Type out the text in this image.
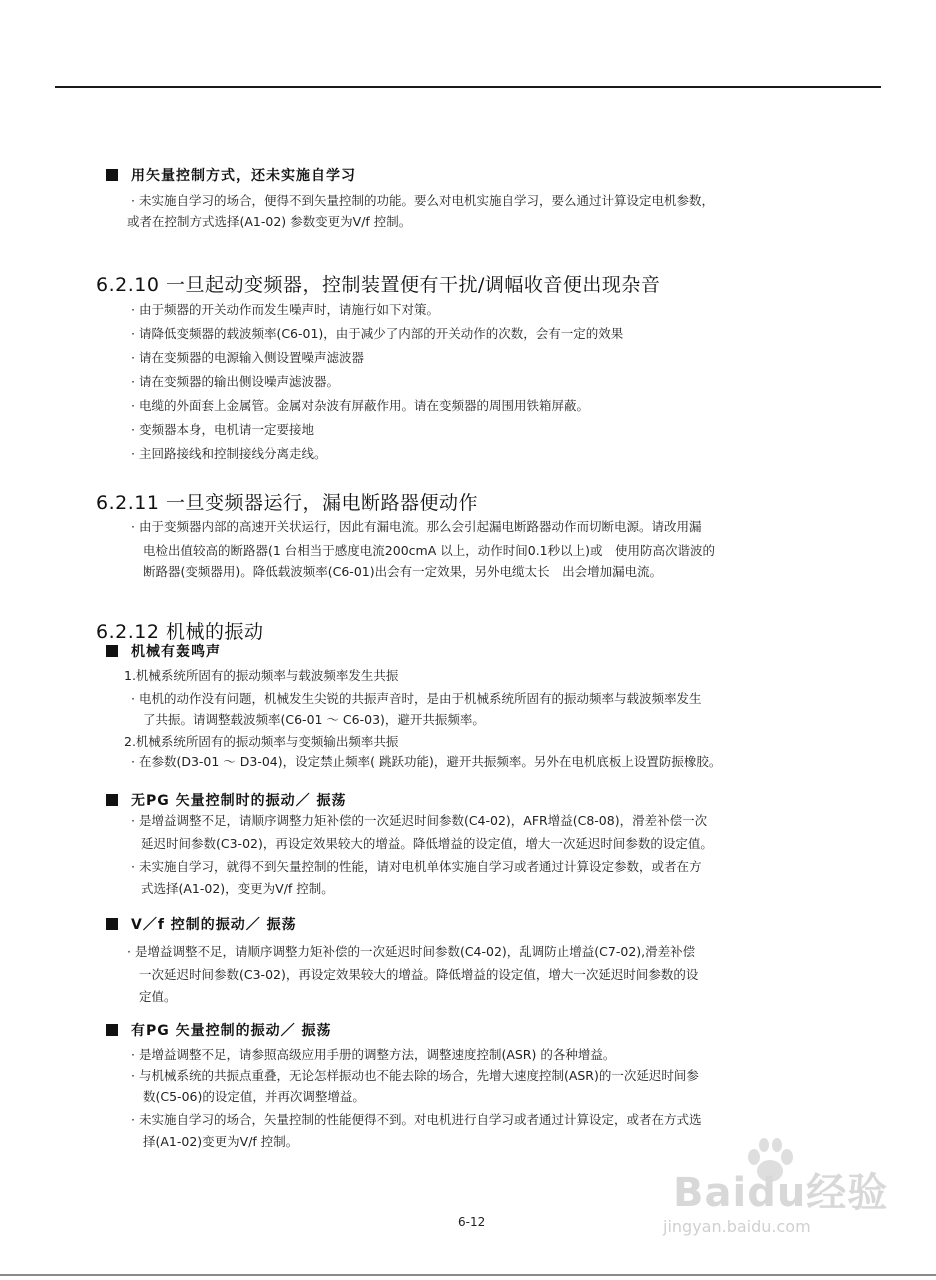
用矢量控制方式，还未实施自学习
· 未实施自学习的场合，便得不到矢量控制的功能。要么对电机实施自学习，要么通过计算设定电机参数，
或者在控制方式选择(A1-02) 参数变更为V/f 控制。
6.2.10 一旦起动变频器，控制装置便有干扰/调幅收音便出现杂音
· 由于频器的开关动作而发生噪声时，请施行如下对策。
· 请降低变频器的载波频率(C6-01)，由于减少了内部的开关动作的次数，会有一定的效果
· 请在变频器的电源输入侧设置噪声滤波器
· 请在变频器的输出侧设噪声滤波器。
· 电缆的外面套上金属管。金属对杂波有屏蔽作用。请在变频器的周围用铁箱屏蔽。
· 变频器本身，电机请一定要接地
· 主回路接线和控制接线分离走线。
6.2.11 一旦变频器运行，漏电断路器便动作
· 由于变频器内部的高速开关状运行，因此有漏电流。那么会引起漏电断路器动作而切断电源。请改用漏
电检出值较高的断路器(1 台相当于感度电流200cmA 以上，动作时间0.1秒以上)或　使用防高次谐波的
断路器(变频器用)。降低载波频率(C6-01)出会有一定效果，另外电缆太长　出会增加漏电流。
6.2.12 机械的振动
机械有轰鸣声
1.机械系统所固有的振动频率与载波频率发生共振
· 电机的动作没有问题，机械发生尖锐的共振声音时，是由于机械系统所固有的振动频率与载波频率发生
了共振。请调整载波频率(C6-01 ～ C6-03)，避开共振频率。
2.机械系统所固有的振动频率与变频输出频率共振
· 在参数(D3-01 ～ D3-04)，设定禁止频率( 跳跃功能)，避开共振频率。另外在电机底板上设置防振橡胶。
无PG 矢量控制时的振动／ 振荡
· 是增益调整不足，请顺序调整力矩补偿的一次延迟时间参数(C4-02)，AFR增益(C8-08)，滑差补偿一次
延迟时间参数(C3-02)，再设定效果较大的增益。降低增益的设定值，增大一次延迟时间参数的设定值。
· 未实施自学习，就得不到矢量控制的性能，请对电机单体实施自学习或者通过计算设定参数，或者在方
式选择(A1-02)，变更为V/f 控制。
V／f 控制的振动／ 振荡
· 是增益调整不足，请顺序调整力矩补偿的一次延迟时间参数(C4-02)，乱调防止增益(C7-02),滑差补偿
一次延迟时间参数(C3-02)，再设定效果较大的增益。降低增益的设定值，增大一次延迟时间参数的设
定值。
有PG 矢量控制的振动／ 振荡
· 是增益调整不足，请参照高级应用手册的调整方法，调整速度控制(ASR) 的各种增益。
· 与机械系统的共振点重叠，无论怎样振动也不能去除的场合，先增大速度控制(ASR)的一次延迟时间参
数(C5-06)的设定值，并再次调整增益。
· 未实施自学习的场合，矢量控制的性能便得不到。对电机进行自学习或者通过计算设定，或者在方式选
择(A1-02)变更为V/f 控制。
6-12
Baidu经验
jingyan.baidu.com
